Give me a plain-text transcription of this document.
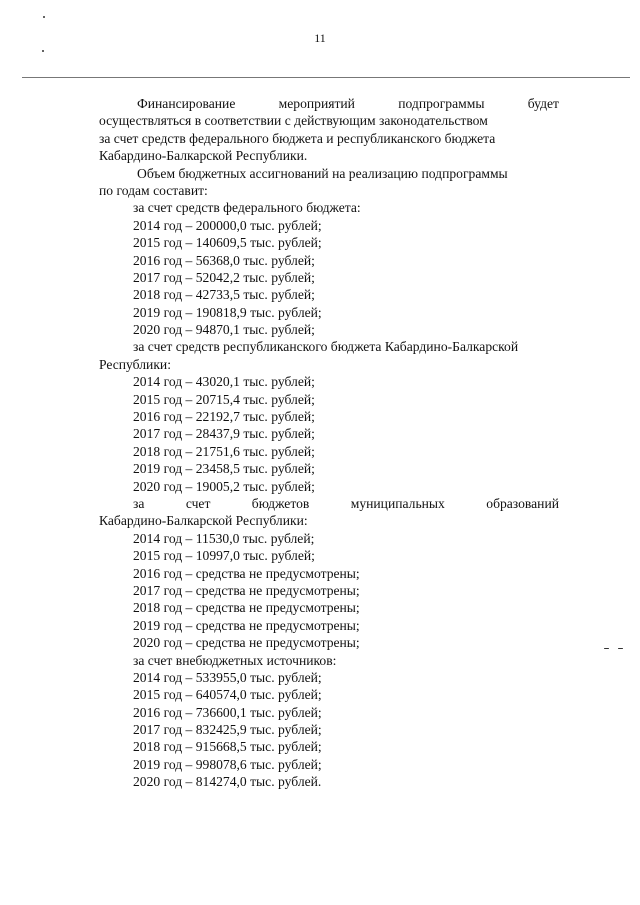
11
Финансирование	мероприятий	подпрограммы	будет
осуществляться в соответствии с действующим законодательством
за счет средств федерального бюджета и республиканского бюджета
Кабардино-Балкарской Республики.
Объем бюджетных ассигнований на реализацию подпрограммы
по годам составит:
за счет средств федерального бюджета:
2014 год – 200000,0 тыс. рублей;
2015 год – 140609,5 тыс. рублей;
2016 год – 56368,0 тыс. рублей;
2017 год – 52042,2 тыс. рублей;
2018 год – 42733,5 тыс. рублей;
2019 год – 190818,9 тыс. рублей;
2020 год – 94870,1 тыс. рублей;
за счет средств республиканского бюджета Кабардино-Балкарской
Республики:
2014 год – 43020,1 тыс. рублей;
2015 год – 20715,4 тыс. рублей;
2016 год – 22192,7 тыс. рублей;
2017 год – 28437,9 тыс. рублей;
2018 год – 21751,6 тыс. рублей;
2019 год – 23458,5 тыс. рублей;
2020 год – 19005,2 тыс. рублей;
за	счет	бюджетов	муниципальных	образований
Кабардино-Балкарской Республики:
2014 год – 11530,0 тыс. рублей;
2015 год – 10997,0 тыс. рублей;
2016 год – средства не предусмотрены;
2017 год – средства не предусмотрены;
2018 год – средства не предусмотрены;
2019 год – средства не предусмотрены;
2020 год – средства не предусмотрены;
за счет внебюджетных источников:
2014 год – 533955,0 тыс. рублей;
2015 год – 640574,0 тыс. рублей;
2016 год – 736600,1 тыс. рублей;
2017 год – 832425,9 тыс. рублей;
2018 год – 915668,5 тыс. рублей;
2019 год – 998078,6 тыс. рублей;
2020 год – 814274,0 тыс. рублей.
